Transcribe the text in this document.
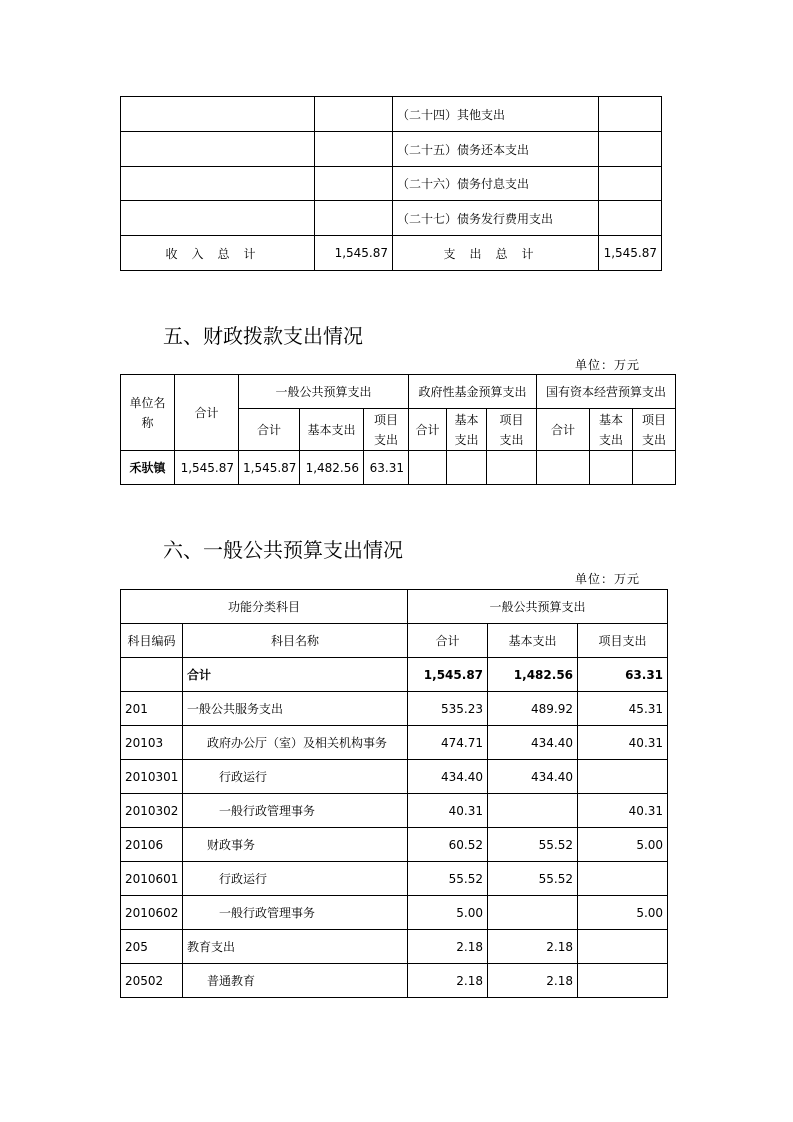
		（二十四）其他支出	
		（二十五）债务还本支出	
		（二十六）债务付息支出	
		（二十七）债务发行费用支出	
收入总计	1,545.87	支出总计	1,545.87
五、财政拨款支出情况
单位：万元
单位名称	合计	一般公共预算支出			政府性基金预算支出			国有资本经营预算支出		
		合计	基本支出	项目支出	合计	基本支出	项目支出	合计	基本支出	项目支出
禾驮镇	1,545.87	1,545.87	1,482.56	63.31						
六、一般公共预算支出情况
单位：万元
功能分类科目		一般公共预算支出		
科目编码	科目名称	合计	基本支出	项目支出
	合计	1,545.87	1,482.56	63.31
201	一般公共服务支出	535.23	489.92	45.31
20103	政府办公厅（室）及相关机构事务	474.71	434.40	40.31
2010301	行政运行	434.40	434.40	
2010302	一般行政管理事务	40.31		40.31
20106	财政事务	60.52	55.52	5.00
2010601	行政运行	55.52	55.52	
2010602	一般行政管理事务	5.00		5.00
205	教育支出	2.18	2.18	
20502	普通教育	2.18	2.18	
